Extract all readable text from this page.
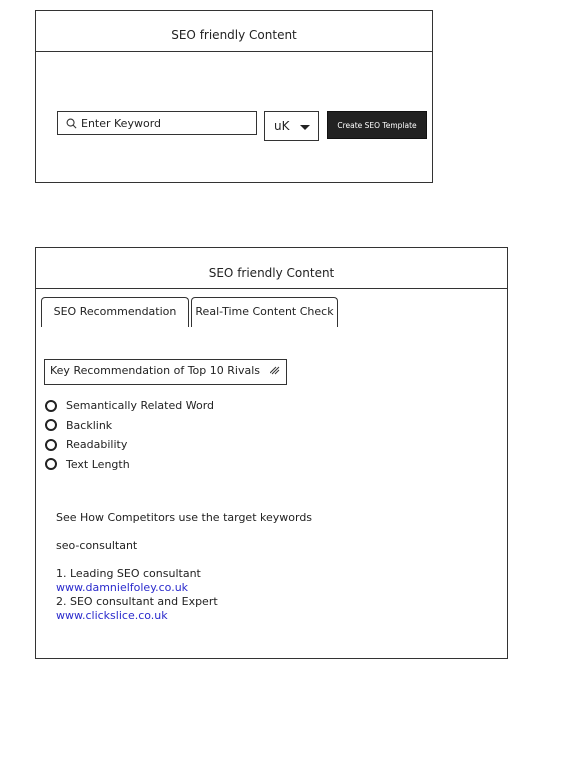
SEO friendly Content
Enter Keyword
uK	Create SEO Template
SEO friendly Content
SEO Recommendation	Real-Time Content Check
Key Recommendation of Top 10 Rivals
Semantically Related Word
Backlink
Readability
Text Length
See How Competitors use the target keywords
seo-consultant
1. Leading SEO consultant
www.damnielfoley.co.uk
2. SEO consultant and Expert
www.clickslice.co.uk
